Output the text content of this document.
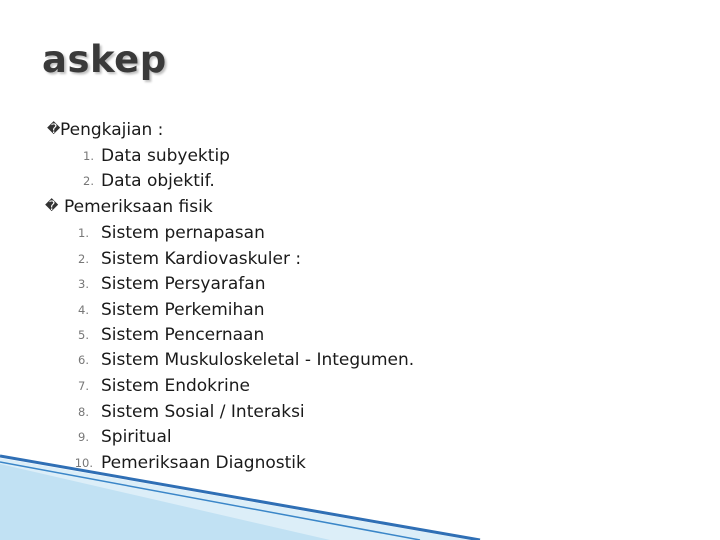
askep
� Pengkajian :
1. Data subyektip
2. Data objektif.
� Pemeriksaan fisik
1. Sistem pernapasan
2. Sistem Kardiovaskuler :
3. Sistem Persyarafan
4. Sistem Perkemihan
5. Sistem Pencernaan
6. Sistem Muskuloskeletal - Integumen.
7. Sistem Endokrine
8. Sistem Sosial / Interaksi
9. Spiritual
10. Pemeriksaan Diagnostik
